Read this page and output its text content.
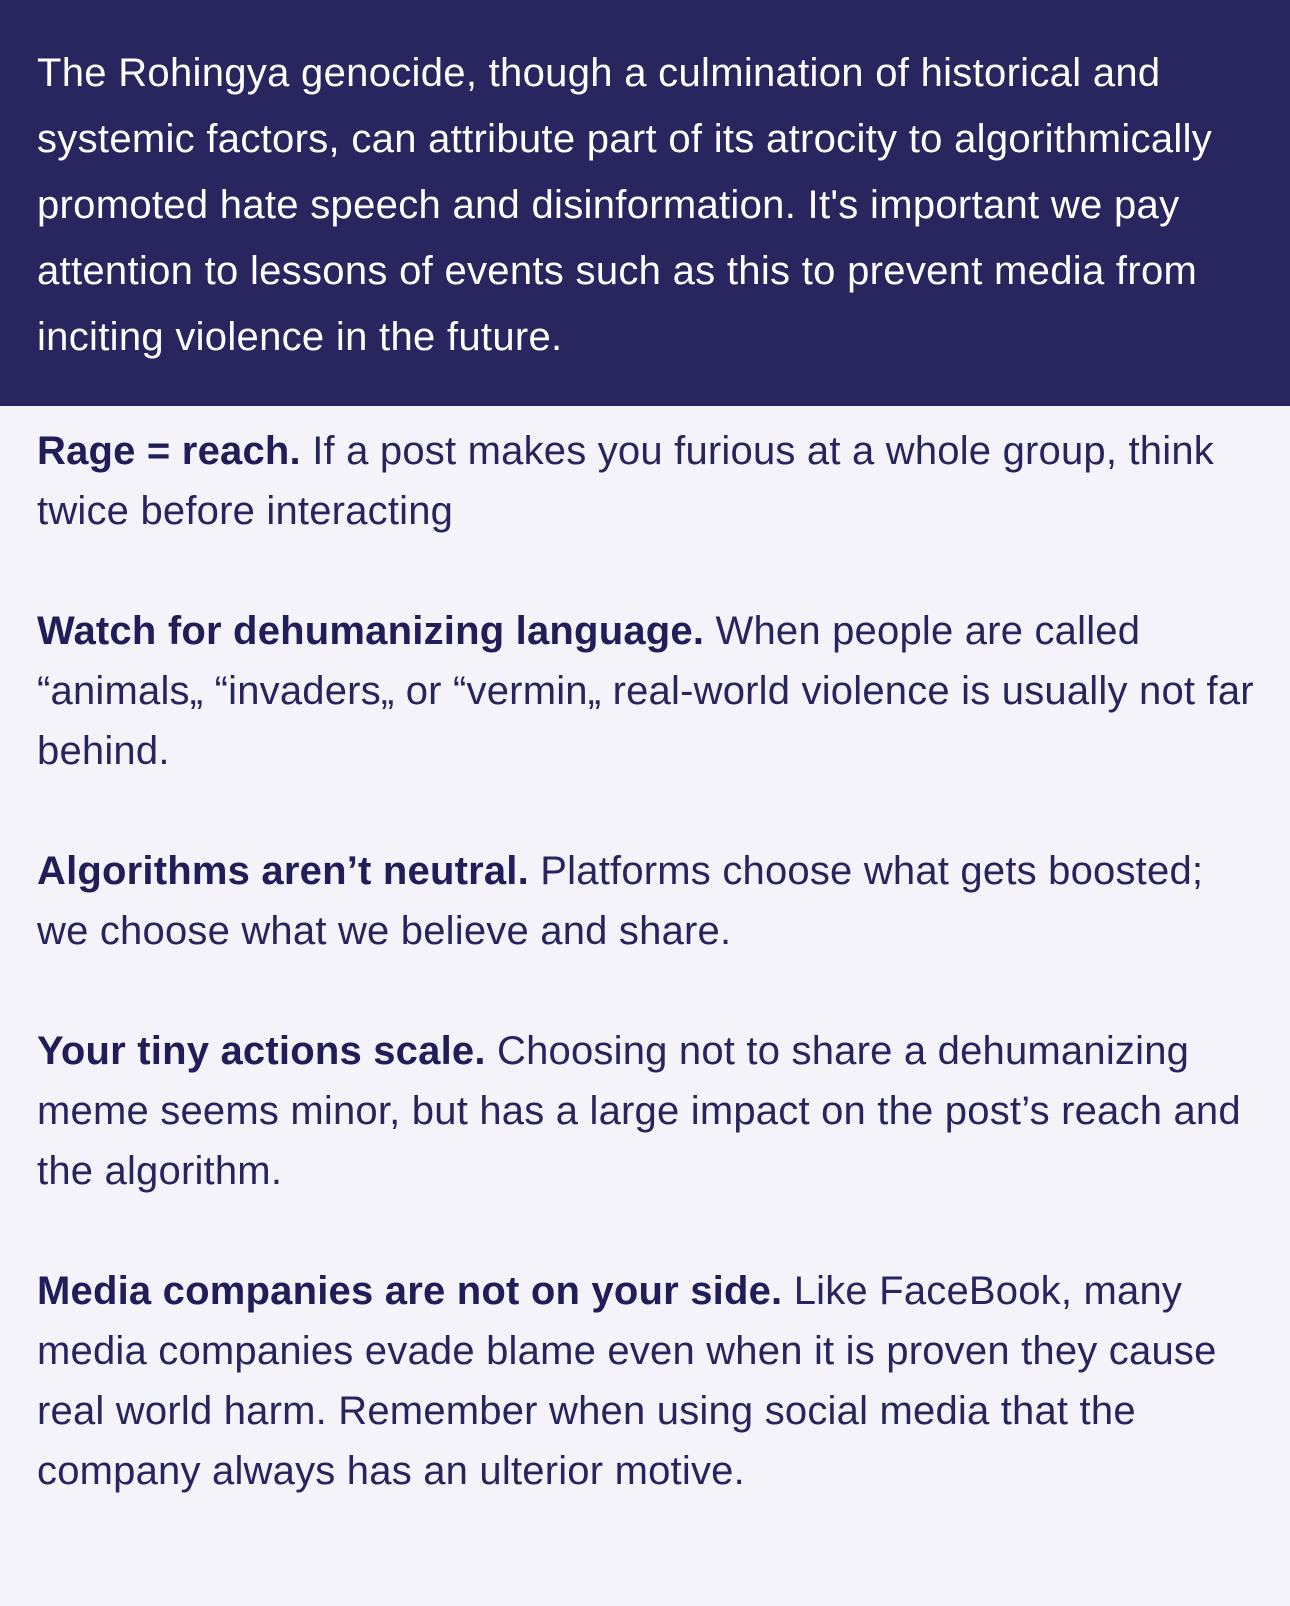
The Rohingya genocide, though a culmination of historical and systemic factors, can attribute part of its atrocity to algorithmically promoted hate speech and disinformation. It's important we pay attention to lessons of events such as this to prevent media from inciting violence in the future.

Rage = reach. If a post makes you furious at a whole group, think twice before interacting

Watch for dehumanizing language. When people are called “animals„ “invaders„ or “vermin„ real-world violence is usually not far behind.

Algorithms aren’t neutral. Platforms choose what gets boosted; we choose what we believe and share.

Your tiny actions scale. Choosing not to share a dehumanizing meme seems minor, but has a large impact on the post’s reach and the algorithm.

Media companies are not on your side. Like FaceBook, many media companies evade blame even when it is proven they cause real world harm. Remember when using social media that the company always has an ulterior motive.
